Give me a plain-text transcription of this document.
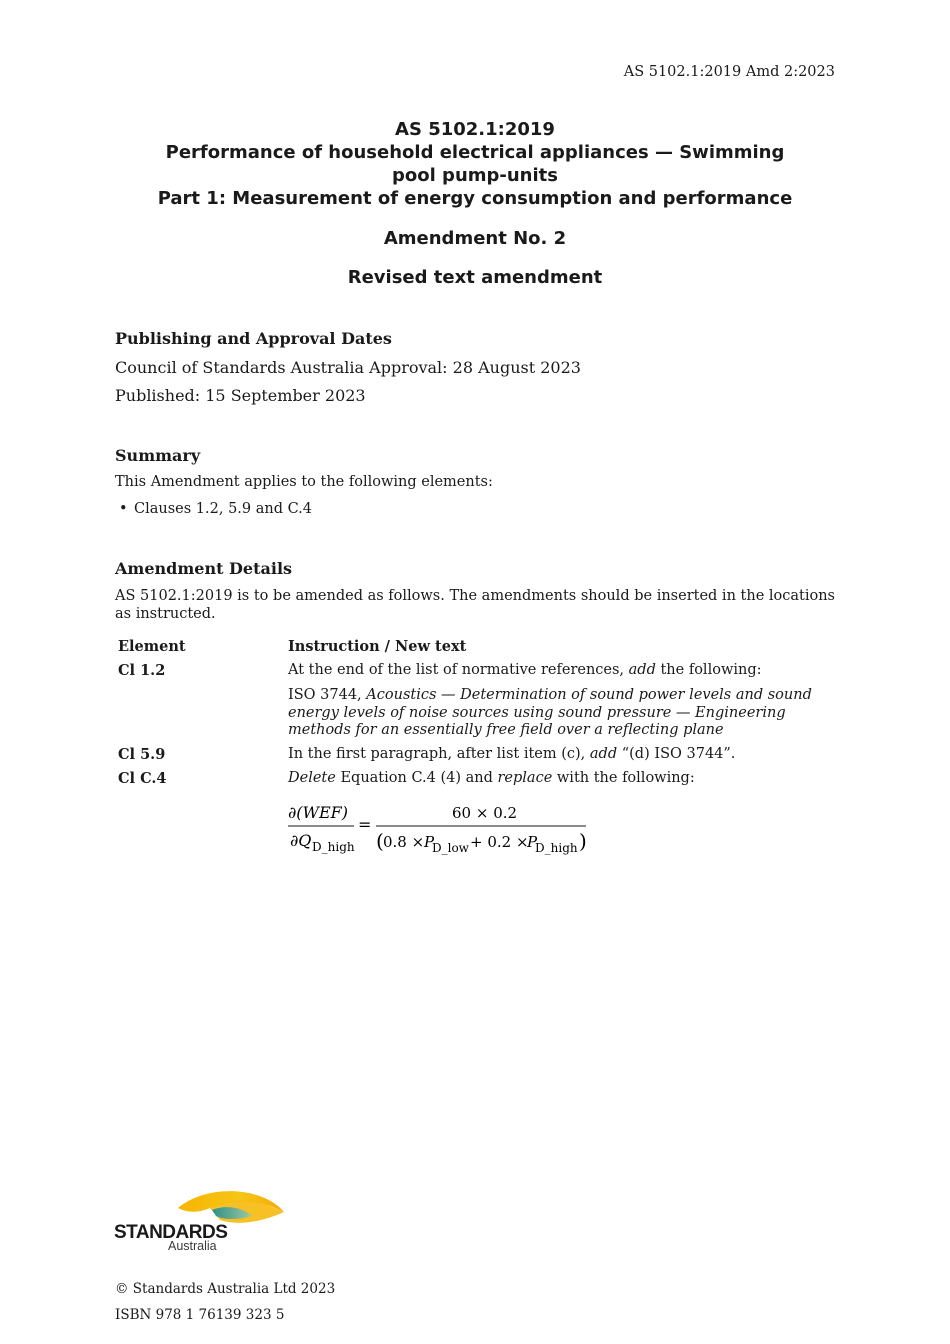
AS 5102.1:2019 Amd 2:2023
AS 5102.1:2019
Performance of household electrical appliances — Swimming
pool pump-units
Part 1: Measurement of energy consumption and performance
Amendment No. 2
Revised text amendment
Publishing and Approval Dates
Council of Standards Australia Approval: 28 August 2023
Published: 15 September 2023
Summary
This Amendment applies to the following elements:
• Clauses 1.2, 5.9 and C.4
Amendment Details
AS 5102.1:2019 is to be amended as follows. The amendments should be inserted in the locations as instructed.
Element	Instruction / New text
Cl 1.2	At the end of the list of normative references, add the following:
ISO 3744, Acoustics — Determination of sound power levels and sound energy levels of noise sources using sound pressure — Engineering methods for an essentially free field over a reflecting plane
Cl 5.9	In the first paragraph, after list item (c), add “(d) ISO 3744”.
Cl C.4	Delete Equation C.4 (4) and replace with the following:
∂(WEF)
∂Q D_high
=
60 × 0.2
( 0.8 × P
D_low + 0.2 ×
P
D_high )
STANDARDS
Australia
© Standards Australia Ltd 2023
ISBN 978 1 76139 323 5
